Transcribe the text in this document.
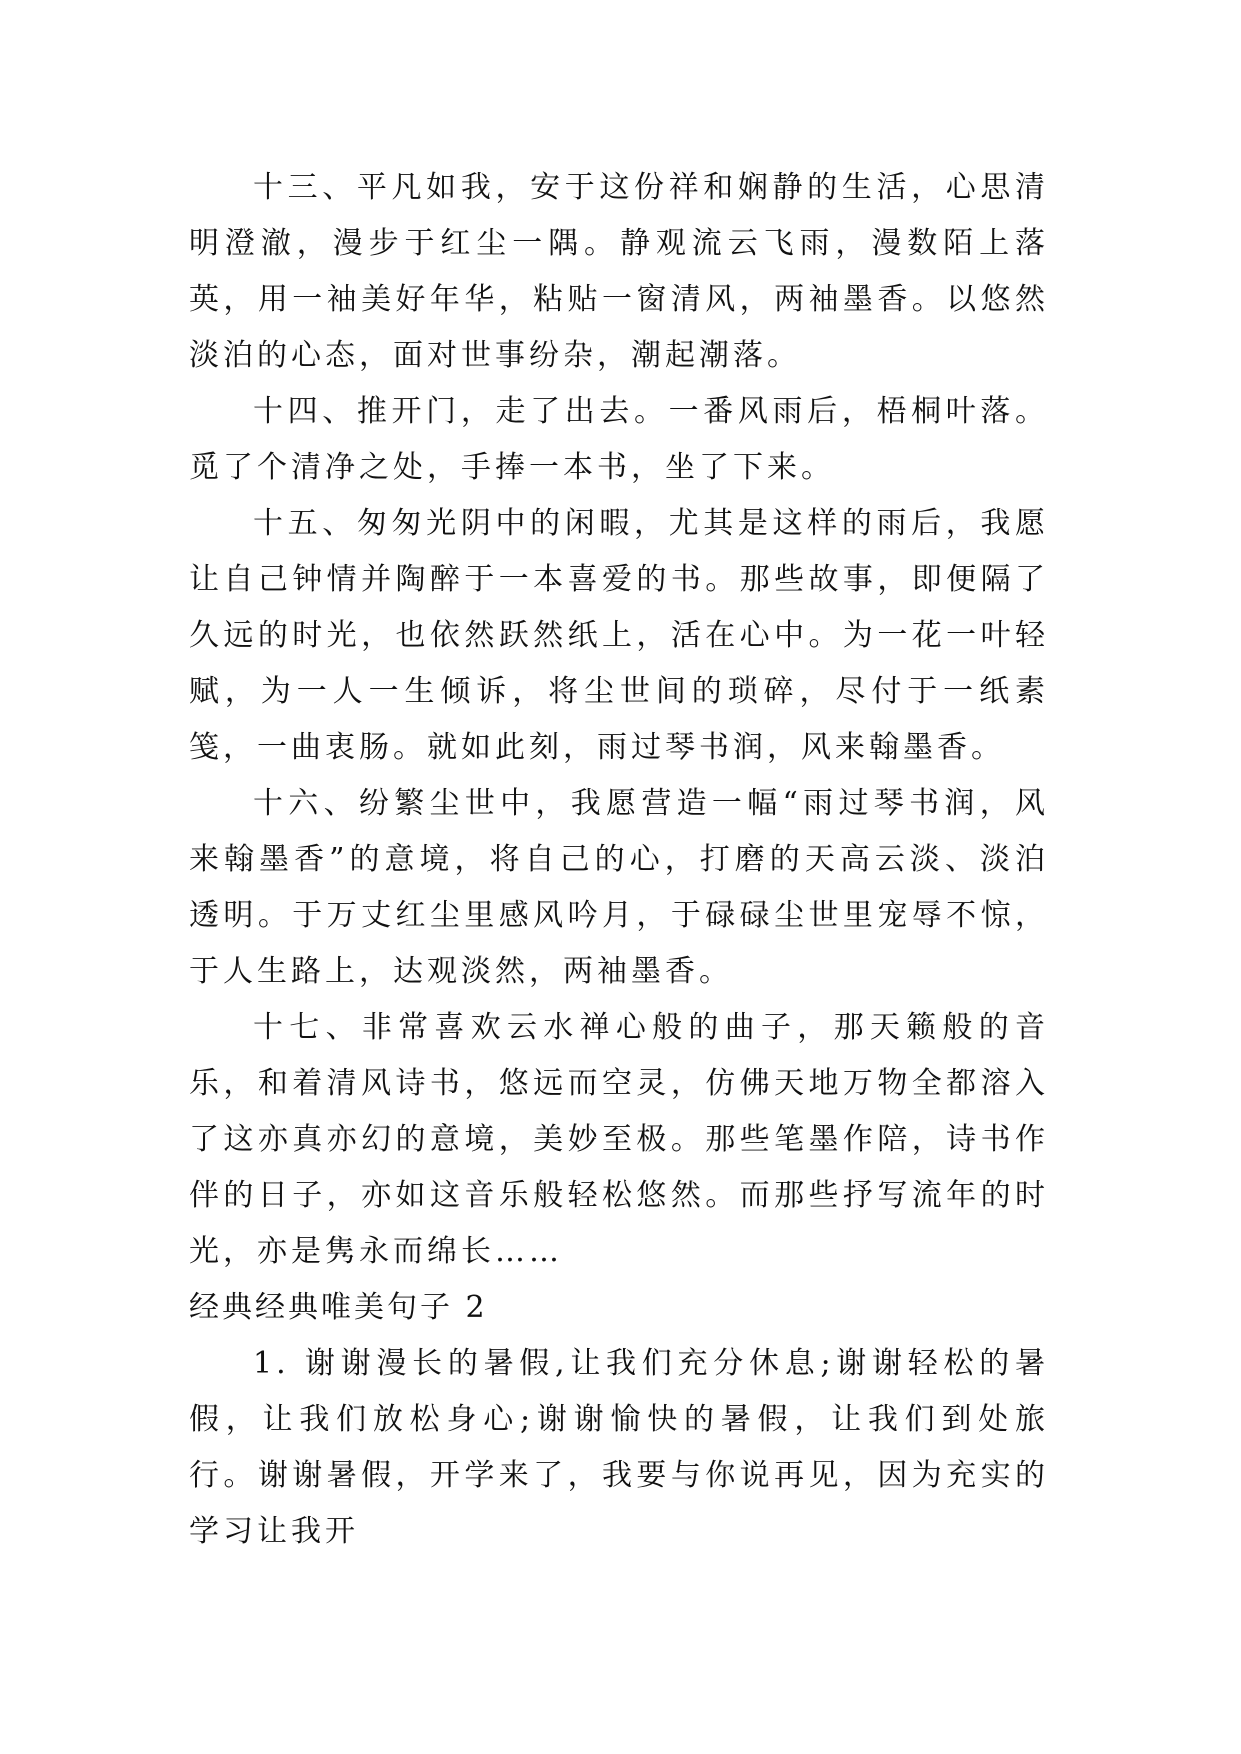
十三、平凡如我，安于这份祥和娴静的生活，心思清明澄澈，漫步于红尘一隅。静观流云飞雨，漫数陌上落英，用一袖美好年华，粘贴一窗清风，两袖墨香。以悠然淡泊的心态，面对世事纷杂，潮起潮落。

十四、推开门，走了出去。一番风雨后，梧桐叶落。觅了个清净之处，手捧一本书，坐了下来。

十五、匆匆光阴中的闲暇，尤其是这样的雨后，我愿让自己钟情并陶醉于一本喜爱的书。那些故事，即便隔了久远的时光，也依然跃然纸上，活在心中。为一花一叶轻赋，为一人一生倾诉，将尘世间的琐碎，尽付于一纸素笺，一曲衷肠。就如此刻，雨过琴书润，风来翰墨香。

十六、纷繁尘世中，我愿营造一幅“雨过琴书润，风来翰墨香”的意境，将自己的心，打磨的天高云淡、淡泊透明。于万丈红尘里感风吟月，于碌碌尘世里宠辱不惊，于人生路上，达观淡然，两袖墨香。

十七、非常喜欢云水禅心般的曲子，那天籁般的音乐，和着清风诗书，悠远而空灵，仿佛天地万物全都溶入了这亦真亦幻的意境，美妙至极。那些笔墨作陪，诗书作伴的日子，亦如这音乐般轻松悠然。而那些抒写流年的时光，亦是隽永而绵长……

经典经典唯美句子 2

1. 谢谢漫长的暑假,让我们充分休息;谢谢轻松的暑假，让我们放松身心;谢谢愉快的暑假，让我们到处旅行。谢谢暑假，开学来了，我要与你说再见，因为充实的学习让我开
